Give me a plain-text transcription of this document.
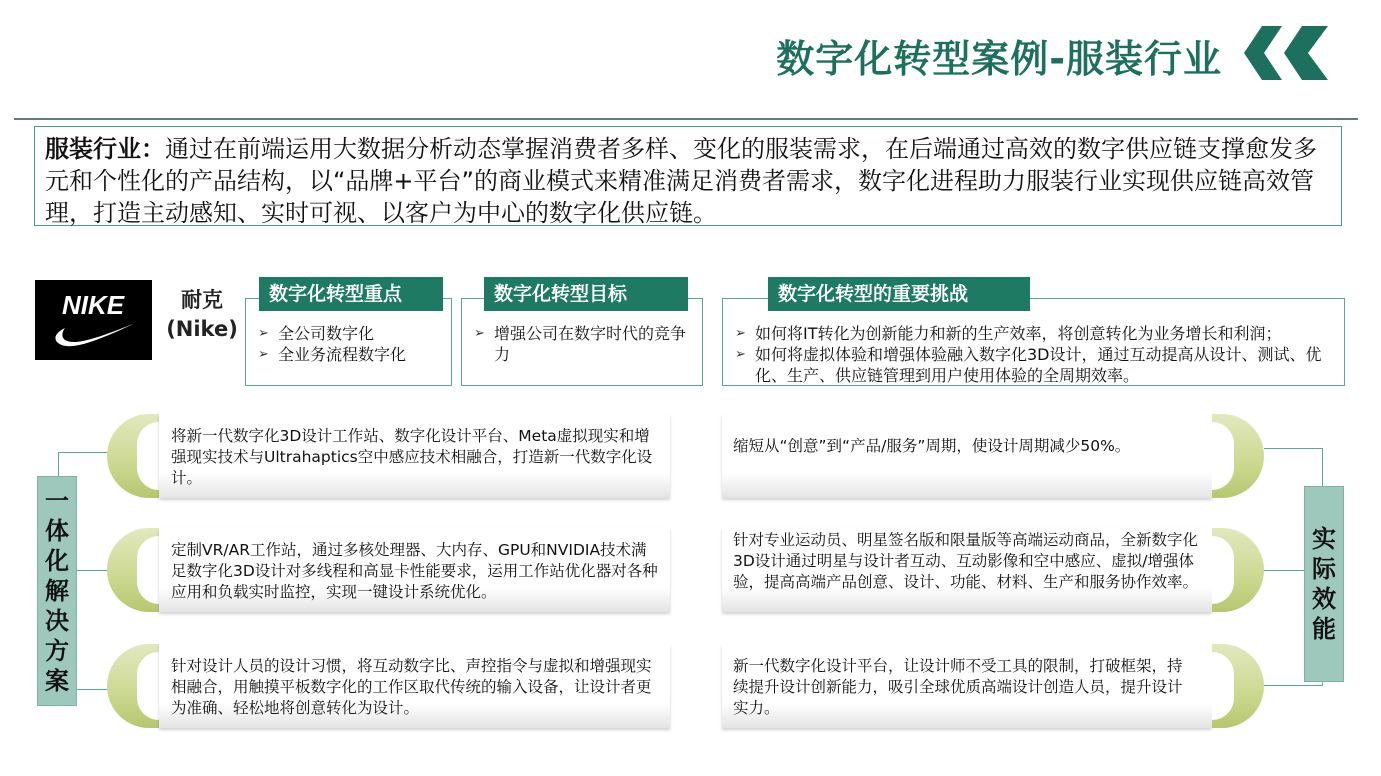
数字化转型案例-服装行业
服装行业：通过在前端运用大数据分析动态掌握消费者多样、变化的服装需求，在后端通过高效的数字供应链支撑愈发多元和个性化的产品结构，以“品牌+平台”的商业模式来精准满足消费者需求，数字化进程助力服装行业实现供应链高效管理，打造主动感知、实时可视、以客户为中心的数字化供应链。
NIKE	耐克
(Nike)
➢	全公司数字化
➢ 全业务流程数字化
数字化转型重点
➢ 增强公司在数字时代的竞争力
数字化转型目标
➢ 如何将IT转化为创新能力和新的生产效率，将创意转化为业务增长和利润；
➢ 如何将虚拟体验和增强体验融入数字化3D设计，通过互动提高从设计、测试、优化、生产、供应链管理到用户使用体验的全周期效率。
数字化转型的重要挑战
一
体
化
解
决
方
案
将新一代数字化3D设计工作站、数字化设计平台、Meta虚拟现实和增强现实技术与Ultrahaptics空中感应技术相融合，打造新一代数字化设计。
定制VR/AR工作站，通过多核处理器、大内存、GPU和NVIDIA技术满足数字化3D设计对多线程和高显卡性能要求，运用工作站优化器对各种应用和负载实时监控，实现一键设计系统优化。
针对设计人员的设计习惯，将互动数字比、声控指令与虚拟和增强现实相融合，用触摸平板数字化的工作区取代传统的输入设备，让设计者更为准确、轻松地将创意转化为设计。
实
际
效
能
缩短从“创意”到“产品/服务”周期，使设计周期减少50%。
针对专业运动员、明星签名版和限量版等高端运动商品，全新数字化3D设计通过明星与设计者互动、互动影像和空中感应、虚拟/增强体验，提高高端产品创意、设计、功能、材料、生产和服务协作效率。
新一代数字化设计平台，让设计师不受工具的限制，打破框架，持续提升设计创新能力，吸引全球优质高端设计创造人员，提升设计实力。
